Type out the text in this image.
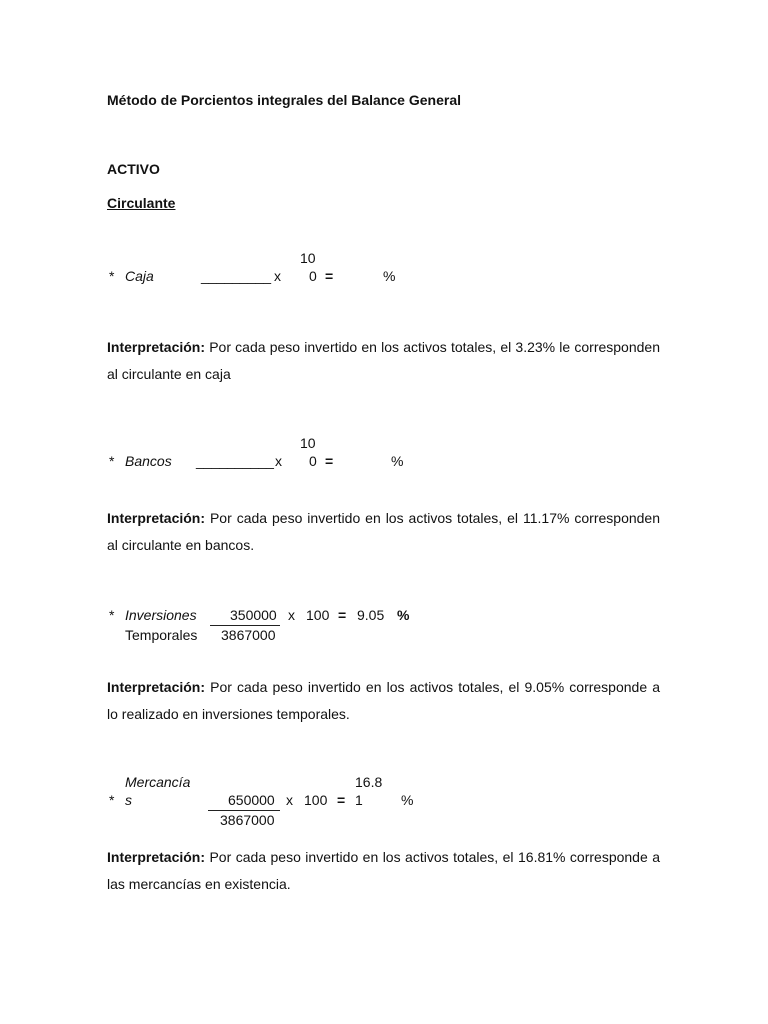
Método de Porcientos integrales del Balance General
ACTIVO
Circulante
* Caja	_________ x
10
0 =	%
Interpretación: Por cada peso invertido en los activos totales, el 3.23% le corresponden al circulante en caja
* Bancos __________ x
10
0 =	%
Interpretación: Por cada peso invertido en los activos totales, el 11.17% corresponden al circulante en bancos.
* Inversiones
Temporales
350000
3867000
x 100 = 9.05 %
Interpretación: Por cada peso invertido en los activos totales, el 9.05% corresponde a lo realizado en inversiones temporales.
Mercancía
* s	650000
3867000
x 100 =
16.8
1	%
Interpretación: Por cada peso invertido en los activos totales, el 16.81% corresponde a las mercancías en existencia.
